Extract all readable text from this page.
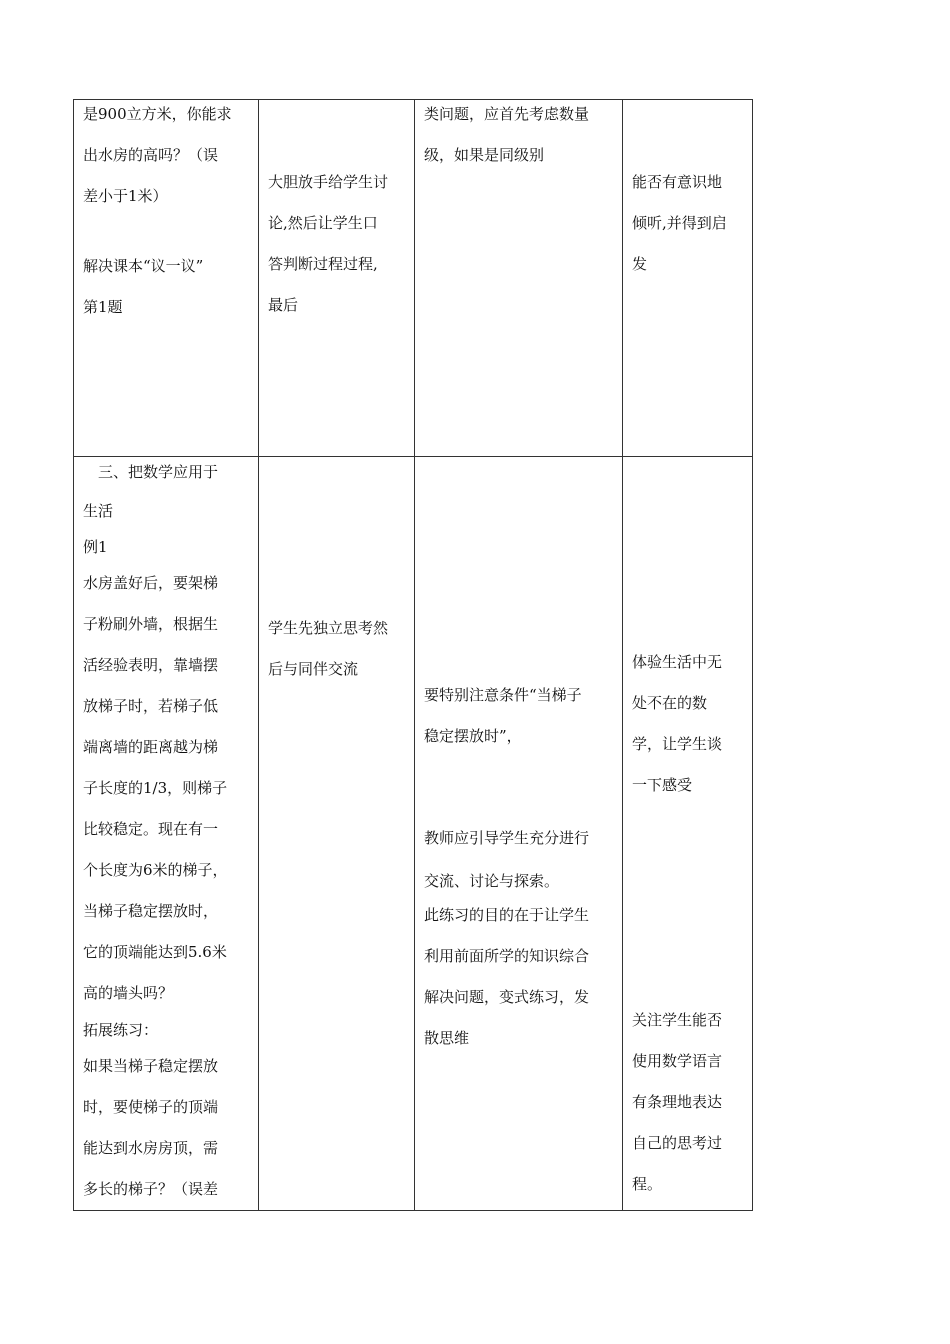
是900立方米，你能求
出水房的高吗？（误
差小于1米）
解决课本“议一议”
第1题
大胆放手给学生讨
论,然后让学生口
答判断过程过程,
最后
类问题，应首先考虑数量
级，如果是同级别
能否有意识地
倾听,并得到启
发
三、把数学应用于
生活
例1
水房盖好后，要架梯
子粉刷外墙，根据生
活经验表明，靠墙摆
放梯子时，若梯子低
端离墙的距离越为梯
子长度的1/3，则梯子
比较稳定。现在有一
个长度为6米的梯子，
当梯子稳定摆放时，
它的顶端能达到5.6米
高的墙头吗？
拓展练习：
如果当梯子稳定摆放
时，要使梯子的顶端
能达到水房房顶，需
多长的梯子？（误差
学生先独立思考然
后与同伴交流
要特别注意条件“当梯子
稳定摆放时”，
教师应引导学生充分进行
交流、讨论与探索。
此练习的目的在于让学生
利用前面所学的知识综合
解决问题，变式练习，发
散思维
体验生活中无
处不在的数
学，让学生谈
一下感受
关注学生能否
使用数学语言
有条理地表达
自己的思考过
程。
